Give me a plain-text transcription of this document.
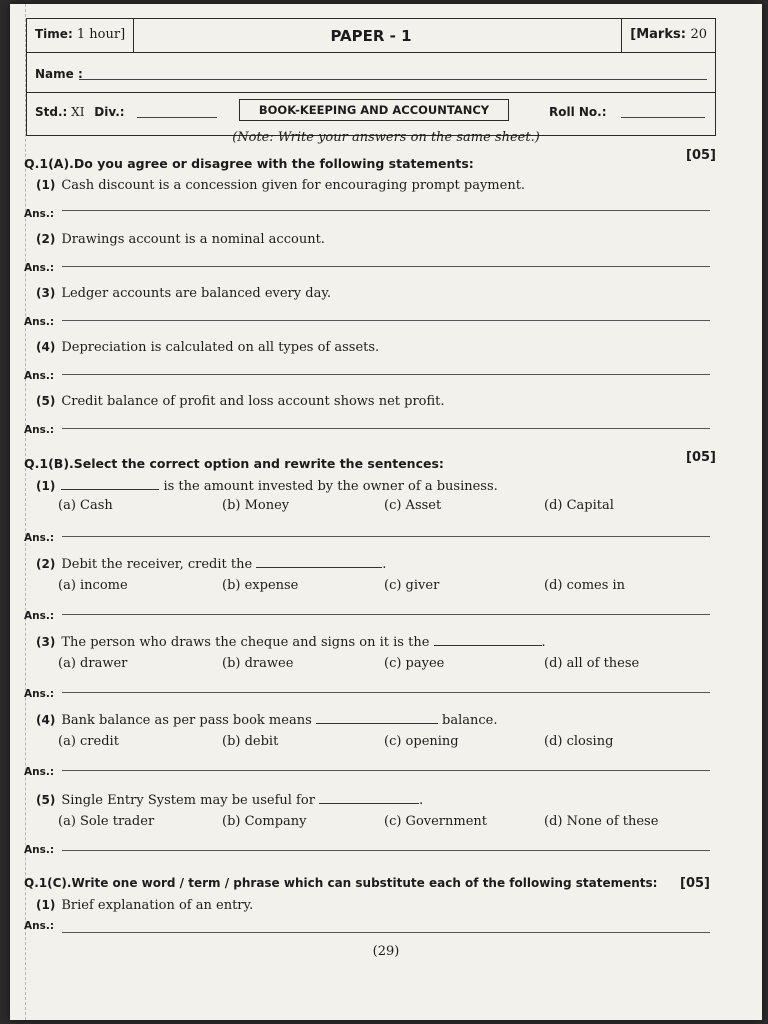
Time: 1 hour]	PAPER - 1	[Marks: 20
Name :
Std.: XI Div.:	BOOK-KEEPING AND ACCOUNTANCY	Roll No.:
(Note: Write your answers on the same sheet.)
Q.1(A).Do you agree or disagree with the following statements:
[05]
(1) Cash discount is a concession given for encouraging prompt payment.
Ans.:
(2) Drawings account is a nominal account.
Ans.:
(3) Ledger accounts are balanced every day.
Ans.:
(4) Depreciation is calculated on all types of assets.
Ans.:
(5) Credit balance of profit and loss account shows net profit.
Ans.:
Q.1(B).Select the correct option and rewrite the sentences:	[05]
(1)	is the amount invested by the owner of a business.
(a) Cash	(b) Money	(c) Asset	(d) Capital
Ans.:
(2) Debit the receiver, credit the	.
(a) income	(b) expense	(c) giver	(d) comes in
Ans.:
(3) The person who draws the cheque and signs on it is the	.
(a) drawer	(b) drawee	(c) payee	(d) all of these
Ans.:
(4) Bank balance as per pass book means	balance.
(a) credit	(b) debit	(c) opening	(d) closing
Ans.:
(5) Single Entry System may be useful for	.
(a) Sole trader	(b) Company	(c) Government	(d) None of these
Ans.:
Q.1(C).Write one word / term / phrase which can substitute each of the following statements: [05]
(1) Brief explanation of an entry.
Ans.:
(29)
